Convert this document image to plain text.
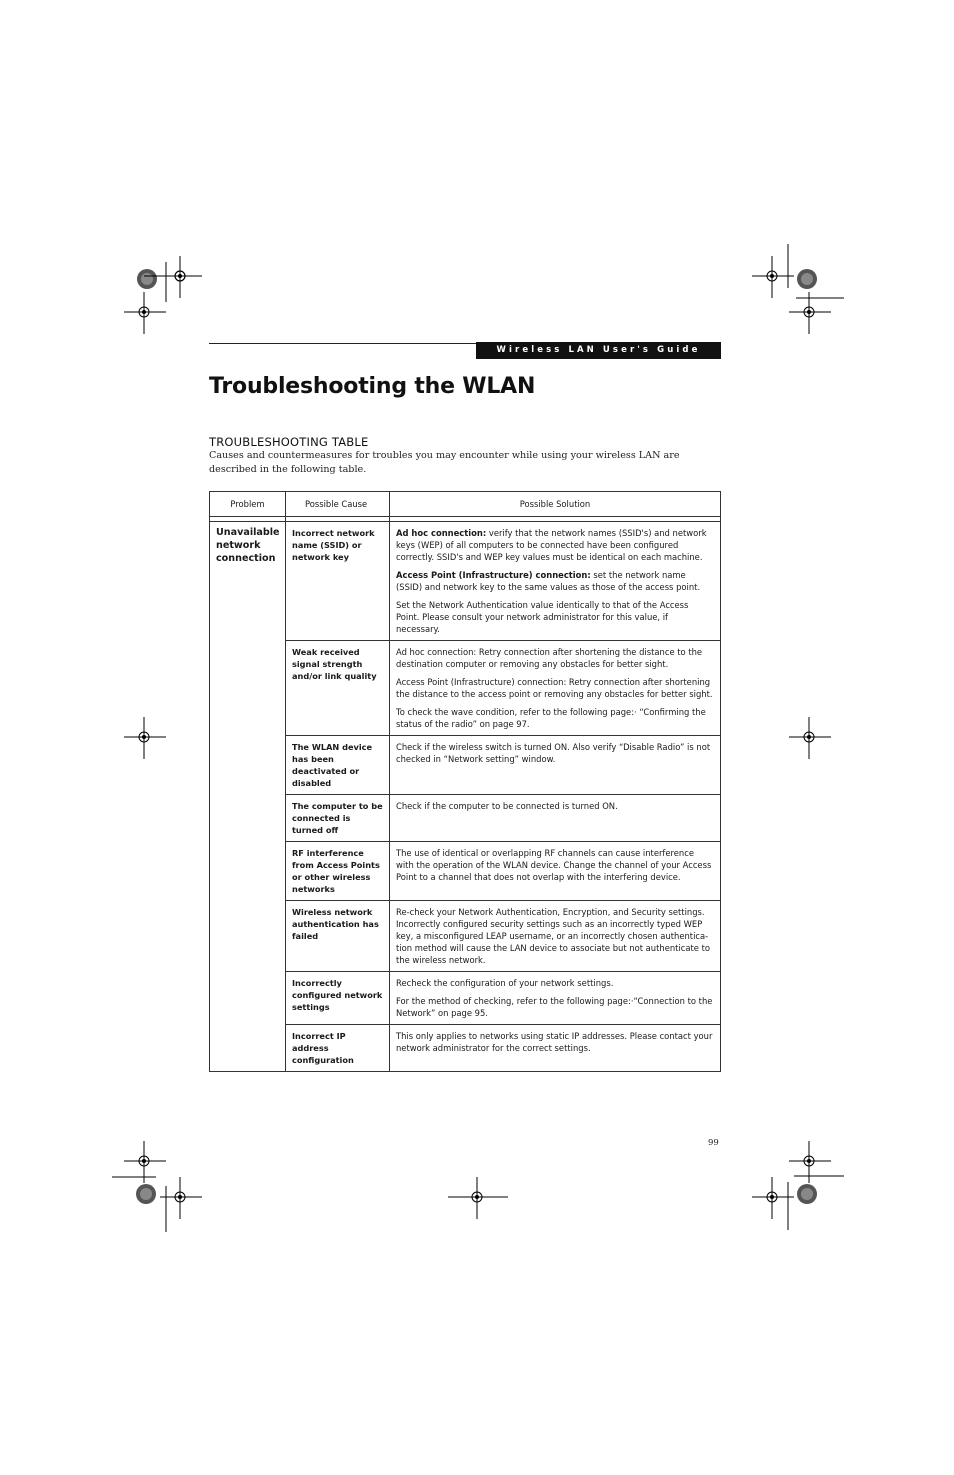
Wireless LAN User's Guide
Troubleshooting the WLAN
TROUBLESHOOTING TABLE

Causes and countermeasures for troubles you may encounter while using your wireless LAN are described in the following table.

Problem	Possible Cause	Possible Solution

Unavailable network connection	Incorrect network name (SSID) or network key	Ad hoc connection: verify that the network names (SSID's) and network keys (WEP) of all computers to be connected have been configured correctly. SSID's and WEP key values must be identical on each machine.

Access Point (Infrastructure) connection: set the network name (SSID) and network key to the same values as those of the access point.

Set the Network Authentication value identically to that of the Access Point. Please consult your network administrator for this value, if necessary.

	Weak received signal strength and/or link quality	Ad hoc connection: Retry connection after shortening the distance to the destination computer or removing any obstacles for better sight.

Access Point (Infrastructure) connection: Retry connection after shortening the distance to the access point or removing any obstacles for better sight.

To check the wave condition, refer to the following page:· “Confirming the status of the radio” on page 97.

	The WLAN device has been deactivated or disabled	Check if the wireless switch is turned ON. Also verify “Disable Radio” is not checked in “Network setting” window.

	The computer to be connected is turned off	Check if the computer to be connected is turned ON.

	RF interference from Access Points or other wireless networks	The use of identical or overlapping RF channels can cause interference with the operation of the WLAN device. Change the channel of your Access Point to a channel that does not overlap with the interfering device.

	Wireless network authentication has failed	Re-check your Network Authentication, Encryption, and Security settings. Incorrectly configured security settings such as an incorrectly typed WEP key, a misconfigured LEAP username, or an incorrectly chosen authentica-tion method will cause the LAN device to associate but not authenticate to the wireless network.

	Incorrectly configured network settings	Recheck the configuration of your network settings.

For the method of checking, refer to the following page:·“Connection to the Network” on page 95.

	Incorrect IP address configuration	This only applies to networks using static IP addresses. Please contact your network administrator for the correct settings.

99
